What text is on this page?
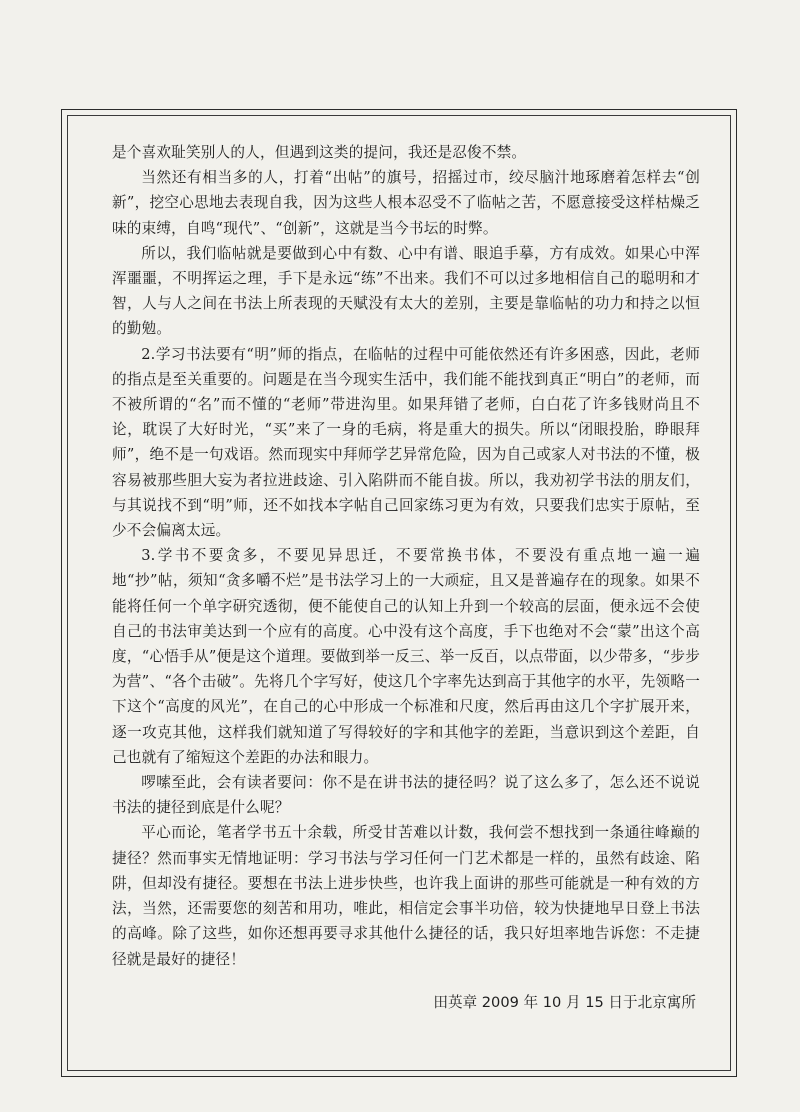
是个喜欢耻笑别人的人，但遇到这类的提问，我还是忍俊不禁。

当然还有相当多的人，打着“出帖”的旗号，招摇过市，绞尽脑汁地琢磨着怎样去“创新”，挖空心思地去表现自我，因为这些人根本忍受不了临帖之苦，不愿意接受这样枯燥乏味的束缚，自鸣“现代”、“创新”，这就是当今书坛的时弊。

所以，我们临帖就是要做到心中有数、心中有谱、眼追手摹，方有成效。如果心中浑浑噩噩，不明挥运之理，手下是永远“练”不出来。我们不可以过多地相信自己的聪明和才智，人与人之间在书法上所表现的天赋没有太大的差别，主要是靠临帖的功力和持之以恒的勤勉。

2.学习书法要有“明”师的指点，在临帖的过程中可能依然还有许多困惑，因此，老师的指点是至关重要的。问题是在当今现实生活中，我们能不能找到真正“明白”的老师，而不被所谓的“名”而不懂的“老师”带进沟里。如果拜错了老师，白白花了许多钱财尚且不论，耽误了大好时光，“买”来了一身的毛病，将是重大的损失。所以“闭眼投胎，睁眼拜师”，绝不是一句戏语。然而现实中拜师学艺异常危险，因为自己或家人对书法的不懂，极容易被那些胆大妄为者拉进歧途、引入陷阱而不能自拔。所以，我劝初学书法的朋友们，与其说找不到“明”师，还不如找本字帖自己回家练习更为有效，只要我们忠实于原帖，至少不会偏离太远。

3.学书不要贪多，不要见异思迁，不要常换书体，不要没有重点地一遍一遍地“抄”帖，须知“贪多嚼不烂”是书法学习上的一大顽症，且又是普遍存在的现象。如果不能将任何一个单字研究透彻，便不能使自己的认知上升到一个较高的层面，便永远不会使自己的书法审美达到一个应有的高度。心中没有这个高度，手下也绝对不会“蒙”出这个高度，“心悟手从”便是这个道理。要做到举一反三、举一反百，以点带面，以少带多，“步步为营”、“各个击破”。先将几个字写好，使这几个字率先达到高于其他字的水平，先领略一下这个“高度的风光”，在自己的心中形成一个标准和尺度，然后再由这几个字扩展开来，逐一攻克其他，这样我们就知道了写得较好的字和其他字的差距，当意识到这个差距，自己也就有了缩短这个差距的办法和眼力。

啰嗦至此，会有读者要问：你不是在讲书法的捷径吗？说了这么多了，怎么还不说说书法的捷径到底是什么呢？

平心而论，笔者学书五十余载，所受甘苦难以计数，我何尝不想找到一条通往峰巅的捷径？然而事实无情地证明：学习书法与学习任何一门艺术都是一样的，虽然有歧途、陷阱，但却没有捷径。要想在书法上进步快些，也许我上面讲的那些可能就是一种有效的方法，当然，还需要您的刻苦和用功，唯此，相信定会事半功倍，较为快捷地早日登上书法的高峰。除了这些，如你还想再要寻求其他什么捷径的话，我只好坦率地告诉您：不走捷径就是最好的捷径！

田英章 2009 年 10 月 15 日于北京寓所
